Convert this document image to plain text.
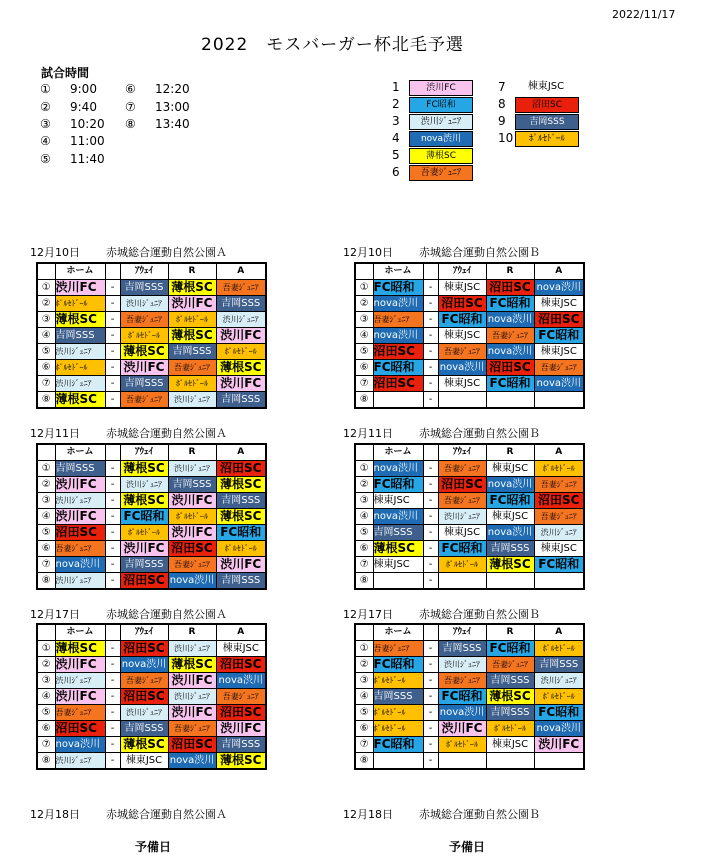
2022/11/17
2022　モスバーガー杯北毛予選
試合時間
① 9:00
② 9:40
③ 10:20
④ 11:00
⑤ 11:40
⑥ 12:20
⑦ 13:00
⑧ 13:40
1	渋川FC
2	FC昭和
3 渋川ｼﾞｭﾆｱ
4 nova渋川
5	薄根SC
6 吾妻ｼﾞｭﾆｱ
7 棟東JSC
8	沼田SC
9	吉岡SSS
10 ﾎﾟﾙｾﾄﾞｰﾙ
12月10日 赤城総合運動自然公園Ａ
	ホーム		ｱｳｪｲ	R	A
①	渋川FC	-	吉岡SSS	薄根SC	吾妻ｼﾞｭﾆｱ
②	ﾎﾟﾙｾﾄﾞｰﾙ	-	渋川ｼﾞｭﾆｱ	渋川FC	吉岡SSS
③	薄根SC	-	吾妻ｼﾞｭﾆｱ	ﾎﾟﾙｾﾄﾞｰﾙ	渋川ｼﾞｭﾆｱ
④	吉岡SSS	-	ﾎﾟﾙｾﾄﾞｰﾙ	薄根SC	渋川FC
⑤	渋川ｼﾞｭﾆｱ	-	薄根SC	吉岡SSS	ﾎﾟﾙｾﾄﾞｰﾙ
⑥	ﾎﾟﾙｾﾄﾞｰﾙ	-	渋川FC	吾妻ｼﾞｭﾆｱ	薄根SC
⑦	渋川ｼﾞｭﾆｱ	-	吉岡SSS	ﾎﾟﾙｾﾄﾞｰﾙ	渋川FC
⑧	薄根SC	-	吾妻ｼﾞｭﾆｱ	渋川ｼﾞｭﾆｱ	吉岡SSS
12月10日 赤城総合運動自然公園Ｂ
	ホーム		ｱｳｪｲ	R	A
①	FC昭和	-	棟東JSC	沼田SC	nova渋川
②	nova渋川	-	沼田SC	FC昭和	棟東JSC
③	吾妻ｼﾞｭﾆｱ	-	FC昭和	nova渋川	沼田SC
④	nova渋川	-	棟東JSC	吾妻ｼﾞｭﾆｱ	FC昭和
⑤	沼田SC	-	吾妻ｼﾞｭﾆｱ	nova渋川	棟東JSC
⑥	FC昭和	-	nova渋川	沼田SC	吾妻ｼﾞｭﾆｱ
⑦	沼田SC	-	棟東JSC	FC昭和	nova渋川
⑧		-			
12月11日 赤城総合運動自然公園Ａ
	ホーム		ｱｳｪｲ	R	A
①	吉岡SSS	-	薄根SC	渋川ｼﾞｭﾆｱ	沼田SC
②	渋川FC	-	渋川ｼﾞｭﾆｱ	吉岡SSS	薄根SC
③	渋川ｼﾞｭﾆｱ	-	薄根SC	渋川FC	吉岡SSS
④	渋川FC	-	FC昭和	ﾎﾟﾙｾﾄﾞｰﾙ	薄根SC
⑤	沼田SC	-	ﾎﾟﾙｾﾄﾞｰﾙ	渋川FC	FC昭和
⑥	吾妻ｼﾞｭﾆｱ	-	渋川FC	沼田SC	ﾎﾟﾙｾﾄﾞｰﾙ
⑦	nova渋川	-	吉岡SSS	吾妻ｼﾞｭﾆｱ	渋川FC
⑧	渋川ｼﾞｭﾆｱ	-	沼田SC	nova渋川	吉岡SSS
12月11日 赤城総合運動自然公園Ｂ
	ホーム		ｱｳｪｲ	R	A
①	nova渋川	-	吾妻ｼﾞｭﾆｱ	棟東JSC	ﾎﾟﾙｾﾄﾞｰﾙ
②	FC昭和	-	沼田SC	nova渋川	吾妻ｼﾞｭﾆｱ
③	棟東JSC	-	吾妻ｼﾞｭﾆｱ	FC昭和	沼田SC
④	nova渋川	-	渋川ｼﾞｭﾆｱ	棟東JSC	吾妻ｼﾞｭﾆｱ
⑤	吉岡SSS	-	棟東JSC	nova渋川	渋川ｼﾞｭﾆｱ
⑥	薄根SC	-	FC昭和	吉岡SSS	棟東JSC
⑦	棟東JSC	-	ﾎﾟﾙｾﾄﾞｰﾙ	薄根SC	FC昭和
⑧		-			
12月17日 赤城総合運動自然公園Ａ
	ホーム		ｱｳｪｲ	R	A
①	薄根SC	-	沼田SC	渋川ｼﾞｭﾆｱ	棟東JSC
②	渋川FC	-	nova渋川	薄根SC	沼田SC
③	渋川ｼﾞｭﾆｱ	-	吾妻ｼﾞｭﾆｱ	渋川FC	nova渋川
④	渋川FC	-	沼田SC	渋川ｼﾞｭﾆｱ	吾妻ｼﾞｭﾆｱ
⑤	吾妻ｼﾞｭﾆｱ	-	渋川ｼﾞｭﾆｱ	渋川FC	沼田SC
⑥	沼田SC	-	吉岡SSS	吾妻ｼﾞｭﾆｱ	渋川FC
⑦	nova渋川	-	薄根SC	沼田SC	吉岡SSS
⑧	渋川ｼﾞｭﾆｱ	-	棟東JSC	nova渋川	薄根SC
12月17日 赤城総合運動自然公園Ｂ
	ホーム		ｱｳｪｲ	R	A
①	吾妻ｼﾞｭﾆｱ	-	吉岡SSS	FC昭和	ﾎﾟﾙｾﾄﾞｰﾙ
②	FC昭和	-	渋川ｼﾞｭﾆｱ	吾妻ｼﾞｭﾆｱ	吉岡SSS
③	ﾎﾟﾙｾﾄﾞｰﾙ	-	吾妻ｼﾞｭﾆｱ	吉岡SSS	渋川ｼﾞｭﾆｱ
④	吉岡SSS	-	FC昭和	薄根SC	ﾎﾟﾙｾﾄﾞｰﾙ
⑤	ﾎﾟﾙｾﾄﾞｰﾙ	-	nova渋川	吉岡SSS	FC昭和
⑥	ﾎﾟﾙｾﾄﾞｰﾙ	-	渋川FC	ﾎﾟﾙｾﾄﾞｰﾙ	nova渋川
⑦	FC昭和	-	ﾎﾟﾙｾﾄﾞｰﾙ	棟東JSC	渋川FC
⑧		-			
12月18日 赤城総合運動自然公園Ａ
予備日
12月18日 赤城総合運動自然公園Ｂ
予備日
